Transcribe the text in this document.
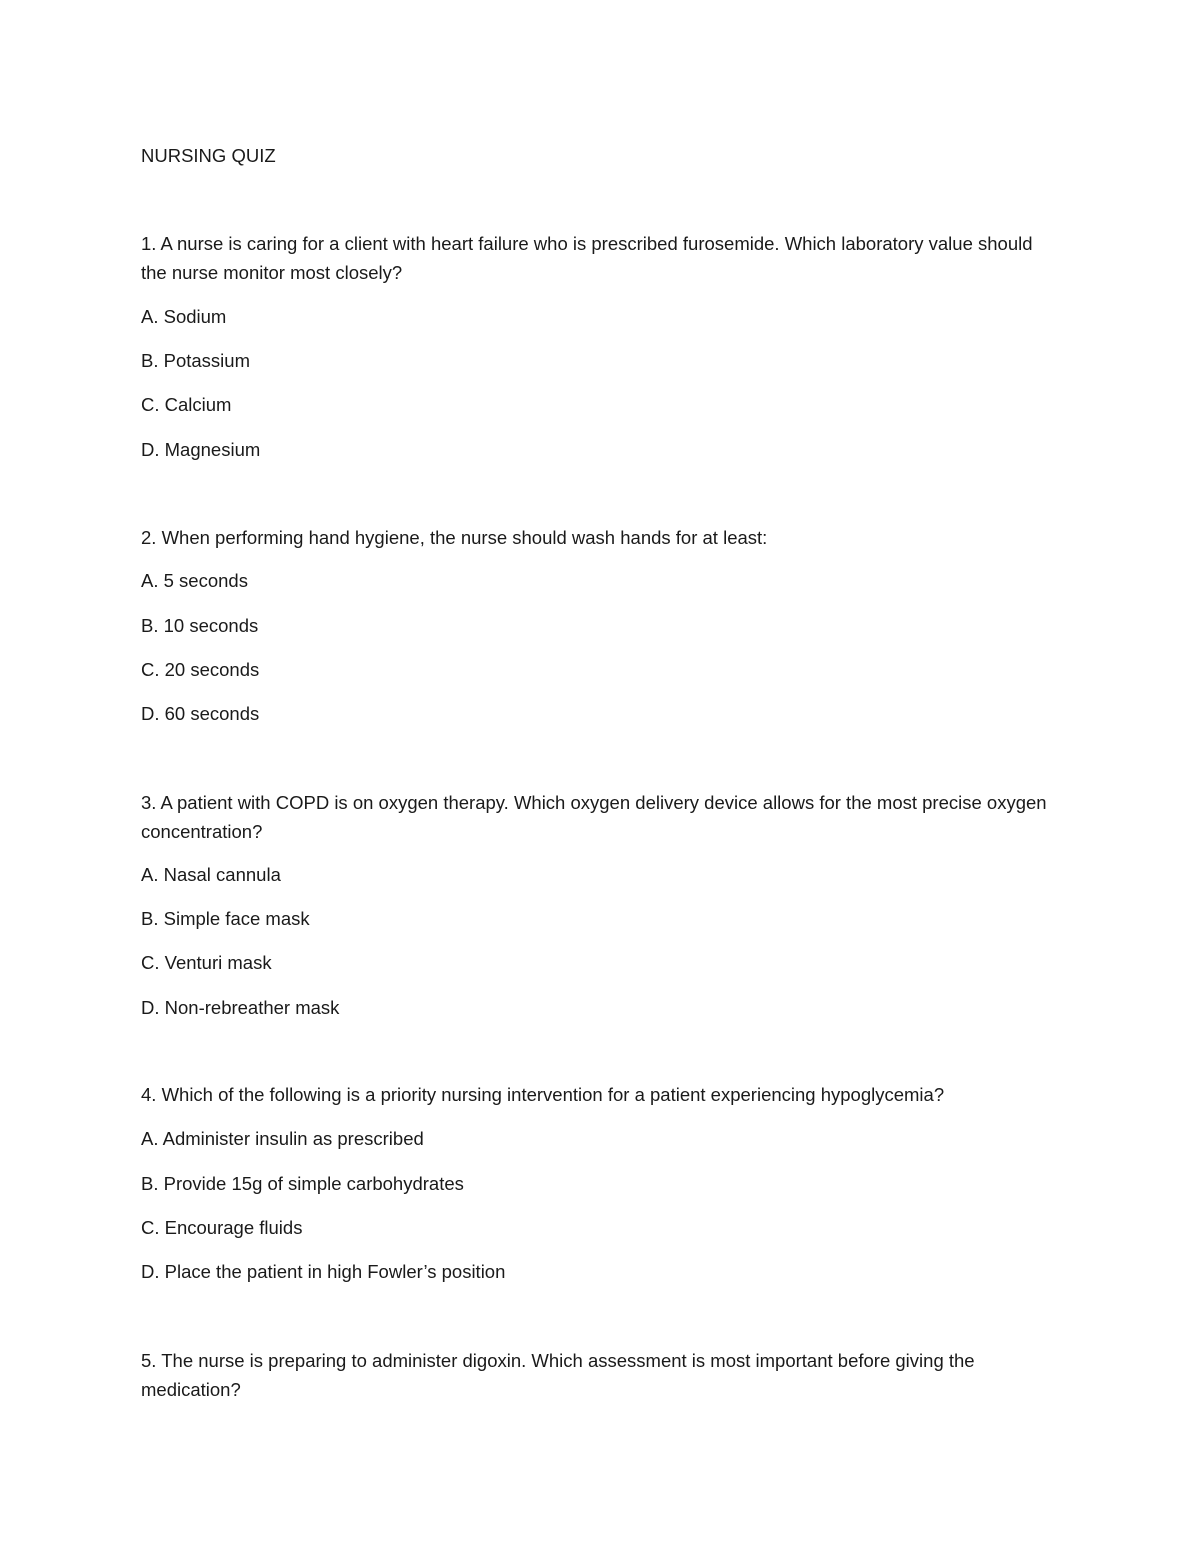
NURSING QUIZ

1. A nurse is caring for a client with heart failure who is prescribed furosemide. Which laboratory value should the nurse monitor most closely?

A. Sodium

B. Potassium

C. Calcium

D. Magnesium

2. When performing hand hygiene, the nurse should wash hands for at least:

A. 5 seconds

B. 10 seconds

C. 20 seconds

D. 60 seconds

3. A patient with COPD is on oxygen therapy. Which oxygen delivery device allows for the most precise oxygen concentration?

A. Nasal cannula

B. Simple face mask

C. Venturi mask

D. Non-rebreather mask

4. Which of the following is a priority nursing intervention for a patient experiencing hypoglycemia?

A. Administer insulin as prescribed

B. Provide 15g of simple carbohydrates

C. Encourage fluids

D. Place the patient in high Fowler’s position

5. The nurse is preparing to administer digoxin. Which assessment is most important before giving the medication?
